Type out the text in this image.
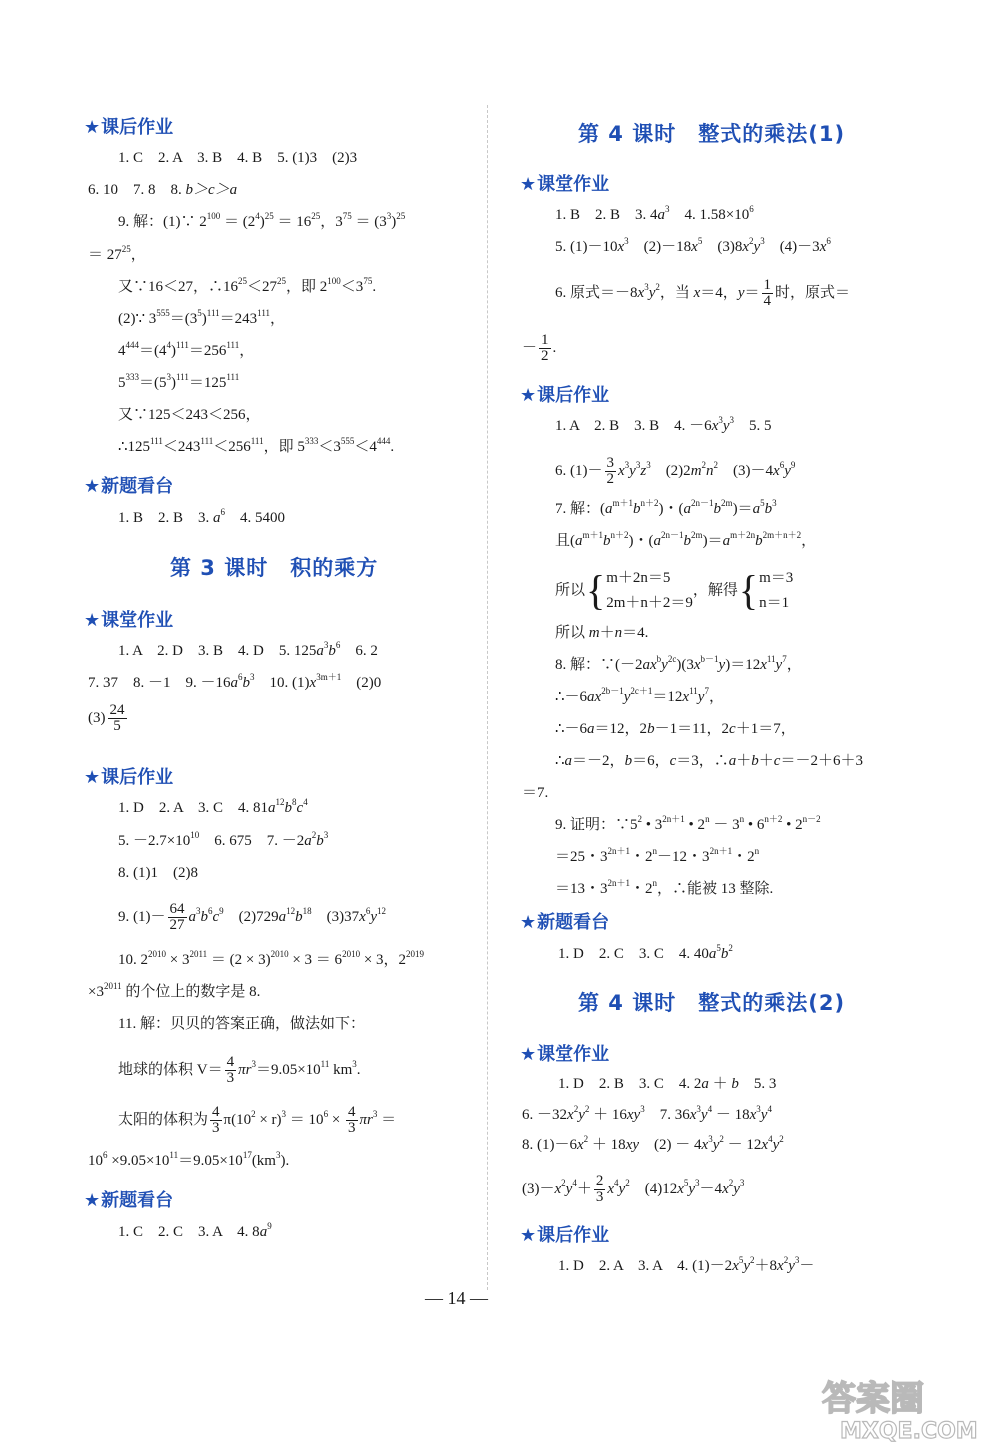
★课后作业
1. C　2. A　3. B　4. B　5. (1)3　(2)3
6. 10　7. 8　8. b＞c＞a
9. 解：(1)∵ $2^{100} = (2^4)^{25} = 16^{25}$，$3^{75} = (3^3)^{25}$
＝ $27^{25}$，
又∵16＜27，$\therefore 16^{25}<27^{25}$，即 $2^{100}<3^{75}$.
(2)∵ $3^{555}=(3^5)^{111}=243^{111}$，
$4^{444}=(4^4)^{111}=256^{111}$，
$5^{333}=(5^3)^{111}=125^{111}$
又∵125＜243＜256，
$\therefore 125^{111}<243^{111}<256^{111}$，即 $5^{333}<3^{555}<4^{444}$.
★新题看台
1. B　2. B　3. $a^6$　4. 5400
第 3 课时　积的乘方
★课堂作业
1. A　2. D　3. B　4. D　5. $125a^3b^6$　6. 2
7. 37　8. －1　9. $-16a^6b^3$　10. $(1)x^{3m+1}$　(2)0
$(3) \frac{24}{5}$
★课后作业
1. D　2. A　3. C　4. $81a^{12}b^8c^4$
5. $-2.7\times 10^{10}$　6. 675　7. $-2a^2b^3$
8. (1)1　(2)8
9. $(1)- \frac{64}{27} a^3b^6c^9$　$(2)729a^{12}b^{18}$　$(3)37x^6y^{12}$
10. $2^{2010} \times 3^{2011} = (2 \times 3)^{2010} \times 3 = 6^{2010} \times 3$，$2^{2019}$
$\times 3^{2011}$ 的个位上的数字是 8.
11. 解：贝贝的答案正确，做法如下：
地球的体积 $V= \frac{4}{3} \pi r^3=9.05\times 10^{11}$ $km^3$.
太阳的体积为 $\frac{4}{3} \pi(10^2 \times r)^3 = 10^6 \times \frac{4}{3} \pi r^3$ ＝
$10^6 \times 9.05\times 10^{11}=9.05\times 10^{17}(km^3)$.
★新题看台
1. C　2. C　3. A　4. $8a^9$
第 4 课时　整式的乘法(1)
★课堂作业
1. B　2. B　3. $4a^3$　4. $1.58\times 10^6$
5. $(1)-10x^3$　$(2)-18x^5$　$(3)8x^2y^3$　$(4)-3x^6$
6. 原式$=-8x^3y^2$，当 x＝4，$y= \frac{1}{4}$ 时，原式＝
－ $\frac{1}{2}$ .
★课后作业
1. A　2. B　3. B　4. $-6x^3y^3$　5. 5
6. $(1)- \frac{3}{2} x^3y^3z^3$　$(2)2m^2n^2$　$(3)-4x^6y^9$
7. 解：$(a^{m+1}b^{n+2})$・$(a^{2n-1}b^{2m})=a^5b^3$
且$(a^{m+1}b^{n+2})$・$(a^{2n-1}b^{2m})=a^{m+2n}b^{2m+n+2}$，
所以{m＋2n＝5
2m＋n＋2＝9，解得{m＝3
n＝1
所以 m＋n＝4.
8. 解：$\because(-2ax^by^{2c})(3x^{b-1}y)=12x^{11}y^7$，
$\therefore-6ax^{2b-1}y^{2c+1}=12x^{11}y^7$，
∴－6a＝12，2b－1＝11，2c＋1＝7，
∴a＝－2，b＝6，c＝3，∴a＋b＋c＝－2＋6＋3
＝7.
9. 证明：$\because 5^2$ • $3^{2n+1}$ • $2^n - 3^n$ • $6^{n+2}$ • $2^{n-2}$
＝25・$3^{2n+1}$・$2^n-12$・$3^{2n+1}$・$2^n$
＝13・$3^{2n+1}$・2$^n$，∴能被 13 整除.
★新题看台
1. D　2. C　3. C　4. $40a^5b^2$
第 4 课时　整式的乘法(2)
★课堂作业
1. D　2. B　3. C　4. 2a ＋ b　5. 3
6. $-32x^2y^2 + 16xy^3$　7. $36x^3y^4 - 18x^3y^4$
8. $(1)-6x^2 + 18xy$　$(2) - 4x^3y^2 - 12x^4y^2$
$(3)-x^2y^4+ \frac{2}{3} x^4y^2$　$(4)12x^5y^3-4x^2y^3$
★课后作业
1. D　2. A　3. A　4. $(1)-2x^5y^2+8x^2y^3-$
— 14 —
答案圈
MXQE.COM
